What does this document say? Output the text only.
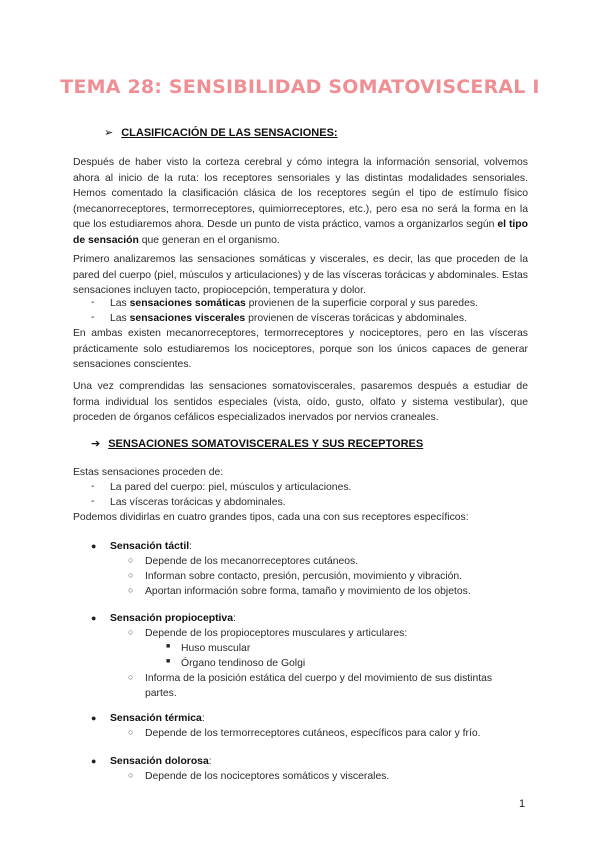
TEMA 28: SENSIBILIDAD SOMATOVISCERAL I
➢ CLASIFICACIÓN DE LAS SENSACIONES:
Después de haber visto la corteza cerebral y cómo integra la información sensorial, volvemos ahora al inicio de la ruta: los receptores sensoriales y las distintas modalidades sensoriales. Hemos comentado la clasificación clásica de los receptores según el tipo de estímulo físico (mecanorreceptores, termorreceptores, quimiorreceptores, etc.), pero esa no será la forma en la que los estudiaremos ahora. Desde un punto de vista práctico, vamos a organizarlos según el tipo de sensación que generan en el organismo.
Primero analizaremos las sensaciones somáticas y viscerales, es decir, las que proceden de la pared del cuerpo (piel, músculos y articulaciones) y de las vísceras torácicas y abdominales. Estas sensaciones incluyen tacto, propiocepción, temperatura y dolor.
- Las sensaciones somáticas provienen de la superficie corporal y sus paredes.
- Las sensaciones viscerales provienen de vísceras torácicas y abdominales.
En ambas existen mecanorreceptores, termorreceptores y nociceptores, pero en las vísceras prácticamente solo estudiaremos los nociceptores, porque son los únicos capaces de generar sensaciones conscientes.
Una vez comprendidas las sensaciones somatoviscerales, pasaremos después a estudiar de forma individual los sentidos especiales (vista, oído, gusto, olfato y sistema vestibular), que proceden de órganos cefálicos especializados inervados por nervios craneales.
➔ SENSACIONES SOMATOVISCERALES Y SUS RECEPTORES
Estas sensaciones proceden de:
- La pared del cuerpo: piel, músculos y articulaciones.
- Las vísceras torácicas y abdominales.
Podemos dividirlas en cuatro grandes tipos, cada una con sus receptores específicos:
● Sensación táctil:
○ Depende de los mecanorreceptores cutáneos.
○ Informan sobre contacto, presión, percusión, movimiento y vibración.
○ Aportan información sobre forma, tamaño y movimiento de los objetos.
● Sensación propioceptiva:
○ Depende de los propioceptores musculares y articulares:
■ Huso muscular
■ Órgano tendinoso de Golgi
○ Informa de la posición estática del cuerpo y del movimiento de sus distintas
partes.
● Sensación térmica:
○ Depende de los termorreceptores cutáneos, específicos para calor y frío.
● Sensación dolorosa:
○ Depende de los nociceptores somáticos y viscerales.
1
